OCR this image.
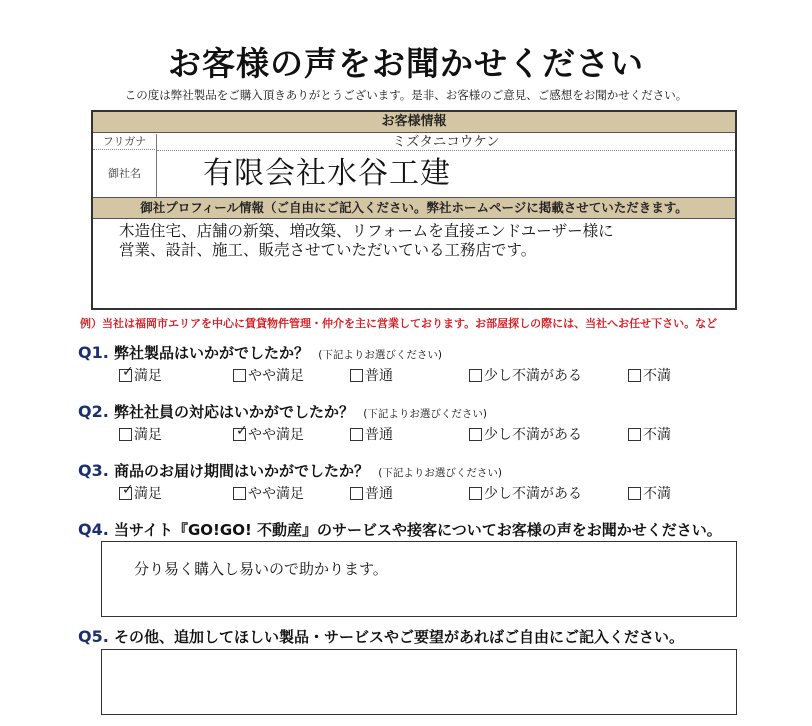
お客様の声をお聞かせください
この度は弊社製品をご購入頂きありがとうございます。是非、お客様のご意見、ご感想をお聞かせください。
お客様情報
フリガナ	ミズタニコウケン
御社名	有限会社水谷工建
御社プロフィール情報（ご自由にご記入ください。弊社ホームページに掲載させていただきます。
木造住宅、店舗の新築、増改築、リフォームを直接エンドユーザー様に
営業、設計、施工、販売させていただいている工務店です。
例）当社は福岡市エリアを中心に賃貸物件管理・仲介を主に営業しております。お部屋探しの際には、当社へお任せ下さい。など
Q1. 弊社製品はいかがでしたか？ (下記よりお選びください)
✓ 満足	やや満足	普通	少し不満がある	不満
Q2. 弊社社員の対応はいかがでしたか？ (下記よりお選びください)
満足	✓ やや満足	普通	少し不満がある	不満
Q3. 商品のお届け期間はいかがでしたか？ (下記よりお選びください)
✓ 満足	やや満足	普通	少し不満がある	不満
Q4. 当サイト『GO!GO! 不動産』のサービスや接客についてお客様の声をお聞かせください。
分り易く購入し易いので助かります。
Q5. その他、追加してほしい製品・サービスやご要望があればご自由にご記入ください。
